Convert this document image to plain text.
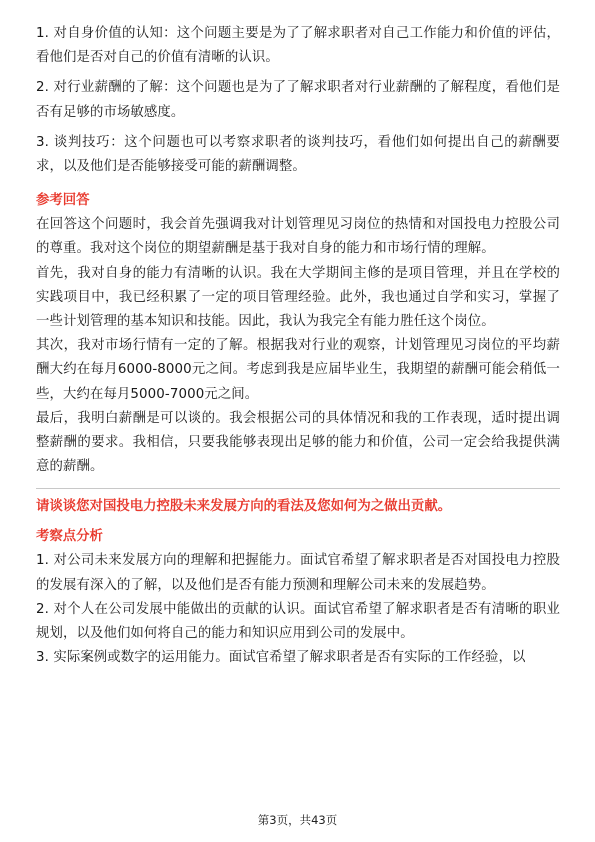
1. 对自身价值的认知：这个问题主要是为了了解求职者对自己工作能力和价值的评估，看他们是否对自己的价值有清晰的认识。

2. 对行业薪酬的了解：这个问题也是为了了解求职者对行业薪酬的了解程度，看他们是否有足够的市场敏感度。

3. 谈判技巧：这个问题也可以考察求职者的谈判技巧，看他们如何提出自己的薪酬要求，以及他们是否能够接受可能的薪酬调整。

参考回答

在回答这个问题时，我会首先强调我对计划管理见习岗位的热情和对国投电力控股公司的尊重。我对这个岗位的期望薪酬是基于我对自身的能力和市场行情的理解。

首先，我对自身的能力有清晰的认识。我在大学期间主修的是项目管理，并且在学校的实践项目中，我已经积累了一定的项目管理经验。此外，我也通过自学和实习，掌握了一些计划管理的基本知识和技能。因此，我认为我完全有能力胜任这个岗位。

其次，我对市场行情有一定的了解。根据我对行业的观察，计划管理见习岗位的平均薪酬大约在每月6000-8000元之间。考虑到我是应届毕业生，我期望的薪酬可能会稍低一些，大约在每月5000-7000元之间。

最后，我明白薪酬是可以谈的。我会根据公司的具体情况和我的工作表现，适时提出调整薪酬的要求。我相信，只要我能够表现出足够的能力和价值，公司一定会给我提供满意的薪酬。

请谈谈您对国投电力控股未来发展方向的看法及您如何为之做出贡献。

考察点分析

1. 对公司未来发展方向的理解和把握能力。面试官希望了解求职者是否对国投电力控股的发展有深入的了解，以及他们是否有能力预测和理解公司未来的发展趋势。

2. 对个人在公司发展中能做出的贡献的认识。面试官希望了解求职者是否有清晰的职业规划，以及他们如何将自己的能力和知识应用到公司的发展中。

3. 实际案例或数字的运用能力。面试官希望了解求职者是否有实际的工作经验，以

第3页，共43页
